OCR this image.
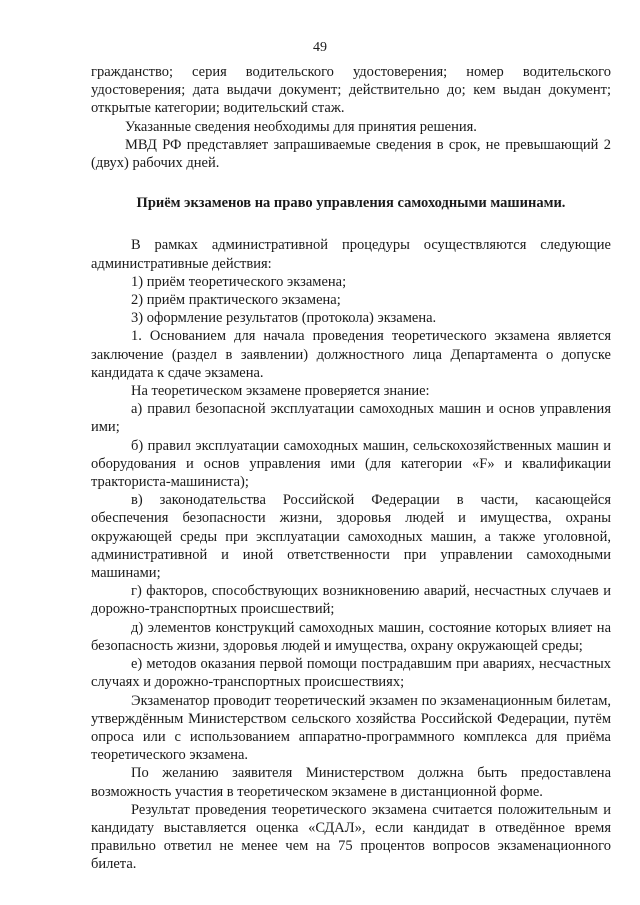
49

гражданство; серия водительского удостоверения; номер водительского удостоверения; дата выдачи документ; действительно до; кем выдан документ; открытые категории; водительский стаж.

Указанные сведения необходимы для принятия решения.

МВД РФ представляет запрашиваемые сведения в срок, не превышающий 2 (двух) рабочих дней.

Приём экзаменов на право управления самоходными машинами.

В рамках административной процедуры осуществляются следующие административные действия:

1) приём теоретического экзамена;

2) приём практического экзамена;

3) оформление результатов (протокола) экзамена.

1. Основанием для начала проведения теоретического экзамена является заключение (раздел в заявлении) должностного лица Департамента о допуске кандидата к сдаче экзамена.

На теоретическом экзамене проверяется знание:

а) правил безопасной эксплуатации самоходных машин и основ управления ими;

б) правил эксплуатации самоходных машин, сельскохозяйственных машин и оборудования и основ управления ими (для категории «F» и квалификации тракториста-машиниста);

в) законодательства Российской Федерации в части, касающейся обеспечения безопасности жизни, здоровья людей и имущества, охраны окружающей среды при эксплуатации самоходных машин, а также уголовной, административной и иной ответственности при управлении самоходными машинами;

г) факторов, способствующих возникновению аварий, несчастных случаев и дорожно-транспортных происшествий;

д) элементов конструкций самоходных машин, состояние которых влияет на безопасность жизни, здоровья людей и имущества, охрану окружающей среды;

е) методов оказания первой помощи пострадавшим при авариях, несчастных случаях и дорожно-транспортных происшествиях;

Экзаменатор проводит теоретический экзамен по экзаменационным билетам, утверждённым Министерством сельского хозяйства Российской Федерации, путём опроса или с использованием аппаратно-программного комплекса для приёма теоретического экзамена.

По желанию заявителя Министерством должна быть предоставлена возможность участия в теоретическом экзамене в дистанционной форме.

Результат проведения теоретического экзамена считается положительным и кандидату выставляется оценка «СДАЛ», если кандидат в отведённое время правильно ответил не менее чем на 75 процентов вопросов экзаменационного билета.
